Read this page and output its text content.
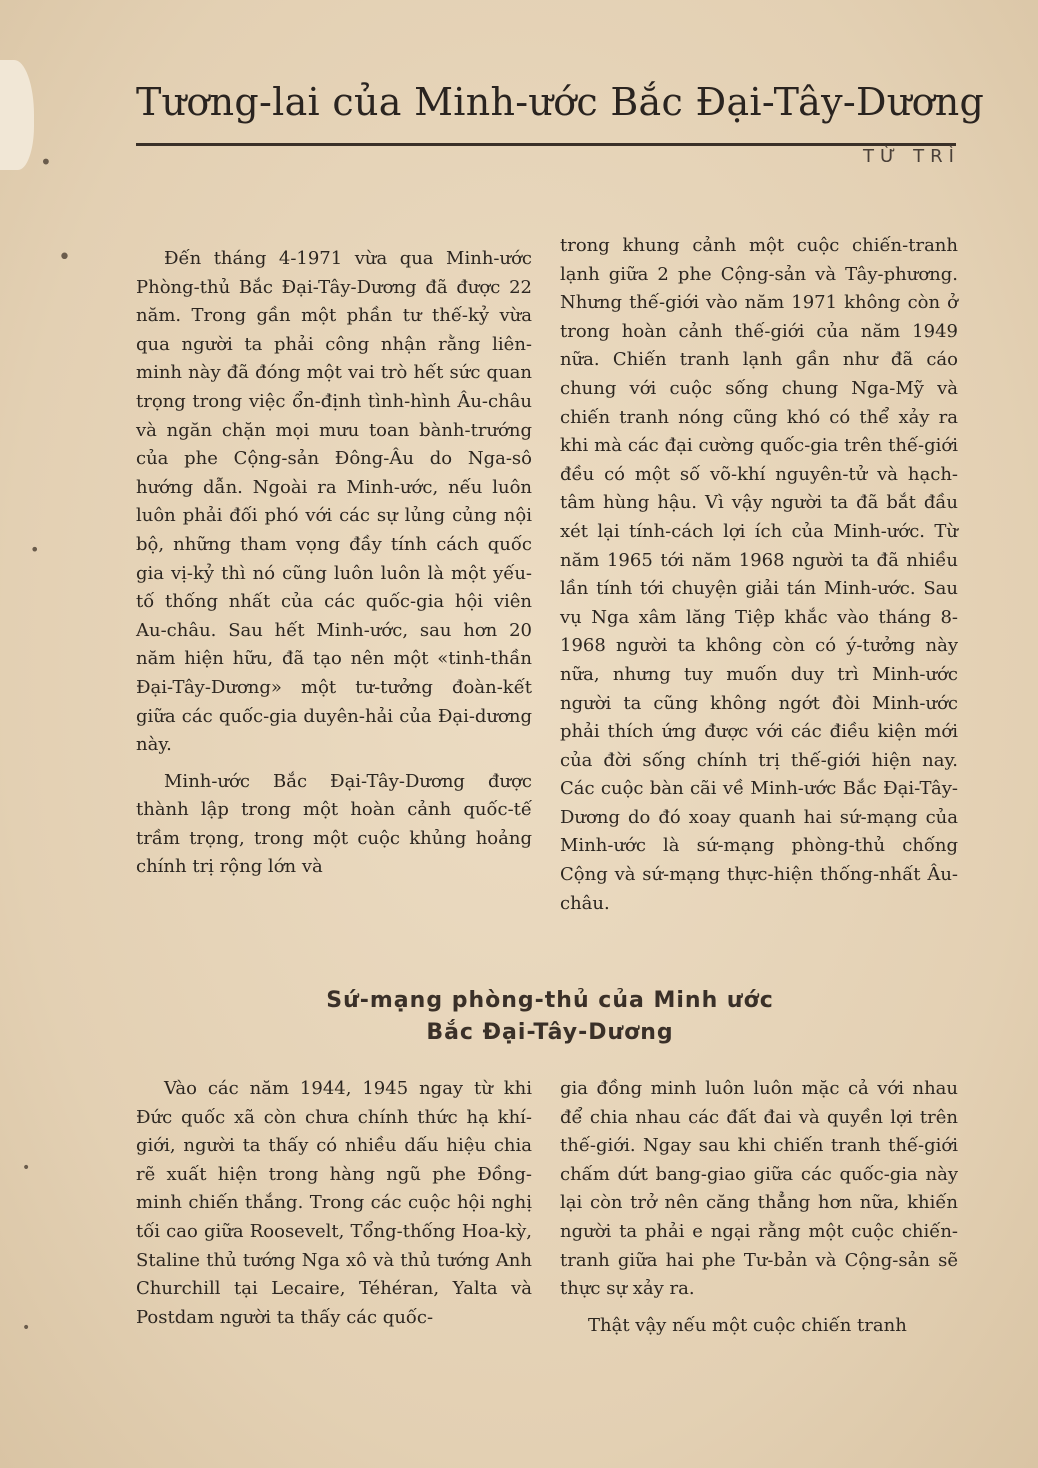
•
•
•
•
•
Tương-lai của Minh-ước Bắc Đại-Tây-Dương
TỪ TRÌ

Đến tháng 4-1971 vừa qua Minh-ước Phòng-thủ Bắc Đại-Tây-Dương đã được 22 năm. Trong gần một phần tư thế-kỷ vừa qua người ta phải công nhận rằng liên-minh này đã đóng một vai trò hết sức quan trọng trong việc ổn-định tình-hình Âu-châu và ngăn chặn mọi mưu toan bành-trướng của phe Cộng-sản Đông-Âu do Nga-sô hướng dẫn. Ngoài ra Minh-ước, nếu luôn luôn phải đối phó với các sự lủng củng nội bộ, những tham vọng đầy tính cách quốc gia vị-kỷ thì nó cũng luôn luôn là một yếu-tố thống nhất của các quốc-gia hội viên Au-châu. Sau hết Minh-ước, sau hơn 20 năm hiện hữu, đã tạo nên một «tinh-thần Đại-Tây-Dương» một tư-tưởng đoàn-kết giữa các quốc-gia duyên-hải của Đại-dương này.

Minh-ước Bắc Đại-Tây-Dương được thành lập trong một hoàn cảnh quốc-tế trầm trọng, trong một cuộc khủng hoảng chính trị rộng lớn và

trong khung cảnh một cuộc chiến-tranh lạnh giữa 2 phe Cộng-sản và Tây-phương. Nhưng thế-giới vào năm 1971 không còn ở trong hoàn cảnh thế-giới của năm 1949 nữa. Chiến tranh lạnh gần như đã cáo chung với cuộc sống chung Nga-Mỹ và chiến tranh nóng cũng khó có thể xảy ra khi mà các đại cường quốc-gia trên thế-giới đều có một số võ-khí nguyên-tử và hạch-tâm hùng hậu. Vì vậy người ta đã bắt đầu xét lại tính-cách lợi ích của Minh-ước. Từ năm 1965 tới năm 1968 người ta đã nhiều lần tính tới chuyện giải tán Minh-ước. Sau vụ Nga xâm lăng Tiệp khắc vào tháng 8-1968 người ta không còn có ý-tưởng này nữa, nhưng tuy muốn duy trì Minh-ước người ta cũng không ngớt đòi Minh-ước phải thích ứng được với các điều kiện mới của đời sống chính trị thế-giới hiện nay. Các cuộc bàn cãi về Minh-ước Bắc Đại-Tây-Dương do đó xoay quanh hai sứ-mạng của Minh-ước là sứ-mạng phòng-thủ chống Cộng và sứ-mạng thực-hiện thống-nhất Âu-châu.

Sứ-mạng phòng-thủ của Minh ước
Bắc Đại-Tây-Dương

Vào các năm 1944, 1945 ngay từ khi Đức quốc xã còn chưa chính thức hạ khí-giới, người ta thấy có nhiều dấu hiệu chia rẽ xuất hiện trong hàng ngũ phe Đồng-minh chiến thắng. Trong các cuộc hội nghị tối cao giữa Roosevelt, Tổng-thống Hoa-kỳ, Staline thủ tướng Nga xô và thủ tướng Anh Churchill tại Lecaire, Téhéran, Yalta và Postdam người ta thấy các quốc-

gia đồng minh luôn luôn mặc cả với nhau để chia nhau các đất đai và quyền lợi trên thế-giới. Ngay sau khi chiến tranh thế-giới chấm dứt bang-giao giữa các quốc-gia này lại còn trở nên căng thẳng hơn nữa, khiến người ta phải e ngại rằng một cuộc chiến-tranh giữa hai phe Tư-bản và Cộng-sản sẽ thực sự xảy ra.

Thật vậy nếu một cuộc chiến tranh
